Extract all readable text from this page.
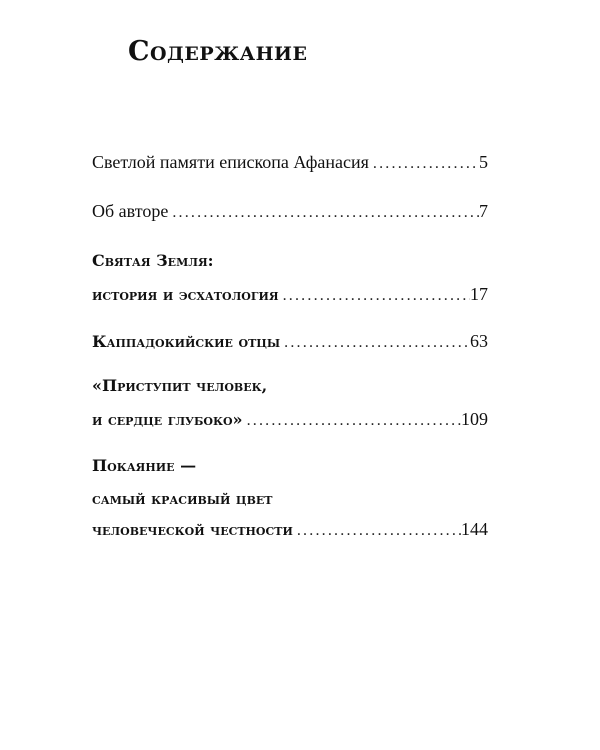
Содержание
Светлой памяти епископа Афанасия .....	5
Об авторе .....	7
Святая Земля:
история и эсхатология .....	17
Каппадокийские отцы .....	63
«Приступит человек,
и сердце глубоко» .....	109
Покаяние —
самый красивый цвет
человеческой честности .....	144
